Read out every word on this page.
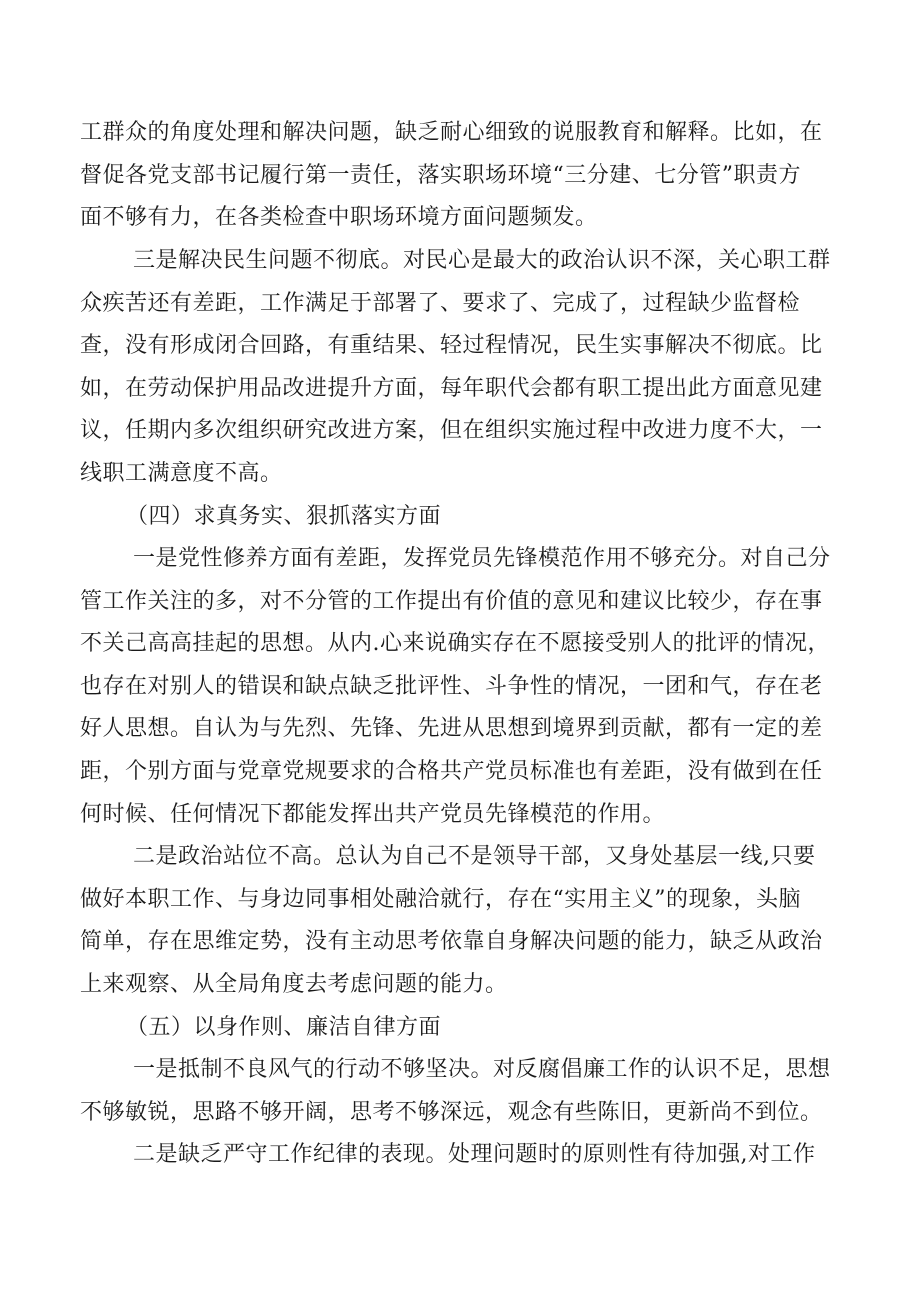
工群众的角度处理和解决问题，缺乏耐心细致的说服教育和解释。比如，在
督促各党支部书记履行第一责任，落实职场环境“三分建、七分管”职责方
面不够有力，在各类检查中职场环境方面问题频发。
三是解决民生问题不彻底。对民心是最大的政治认识不深，关心职工群
众疾苦还有差距，工作满足于部署了、要求了、完成了，过程缺少监督检
查，没有形成闭合回路，有重结果、轻过程情况，民生实事解决不彻底。比
如，在劳动保护用品改进提升方面，每年职代会都有职工提出此方面意见建
议，任期内多次组织研究改进方案，但在组织实施过程中改进力度不大，一
线职工满意度不高。
（四）求真务实、狠抓落实方面
一是党性修养方面有差距，发挥党员先锋模范作用不够充分。对自己分
管工作关注的多，对不分管的工作提出有价值的意见和建议比较少，存在事
不关己高高挂起的思想。从内.心来说确实存在不愿接受别人的批评的情况，
也存在对别人的错误和缺点缺乏批评性、斗争性的情况，一团和气，存在老
好人思想。自认为与先烈、先锋、先进从思想到境界到贡献，都有一定的差
距，个别方面与党章党规要求的合格共产党员标准也有差距，没有做到在任
何时候、任何情况下都能发挥出共产党员先锋模范的作用。
二是政治站位不高。总认为自己不是领导干部，又身处基层一线,只要
做好本职工作、与身边同事相处融洽就行，存在“实用主义”的现象，头脑
简单，存在思维定势，没有主动思考依靠自身解决问题的能力，缺乏从政治
上来观察、从全局角度去考虑问题的能力。
（五）以身作则、廉洁自律方面
一是抵制不良风气的行动不够坚决。对反腐倡廉工作的认识不足，思想
不够敏锐，思路不够开阔，思考不够深远，观念有些陈旧，更新尚不到位。
二是缺乏严守工作纪律的表现。处理问题时的原则性有待加强,对工作
